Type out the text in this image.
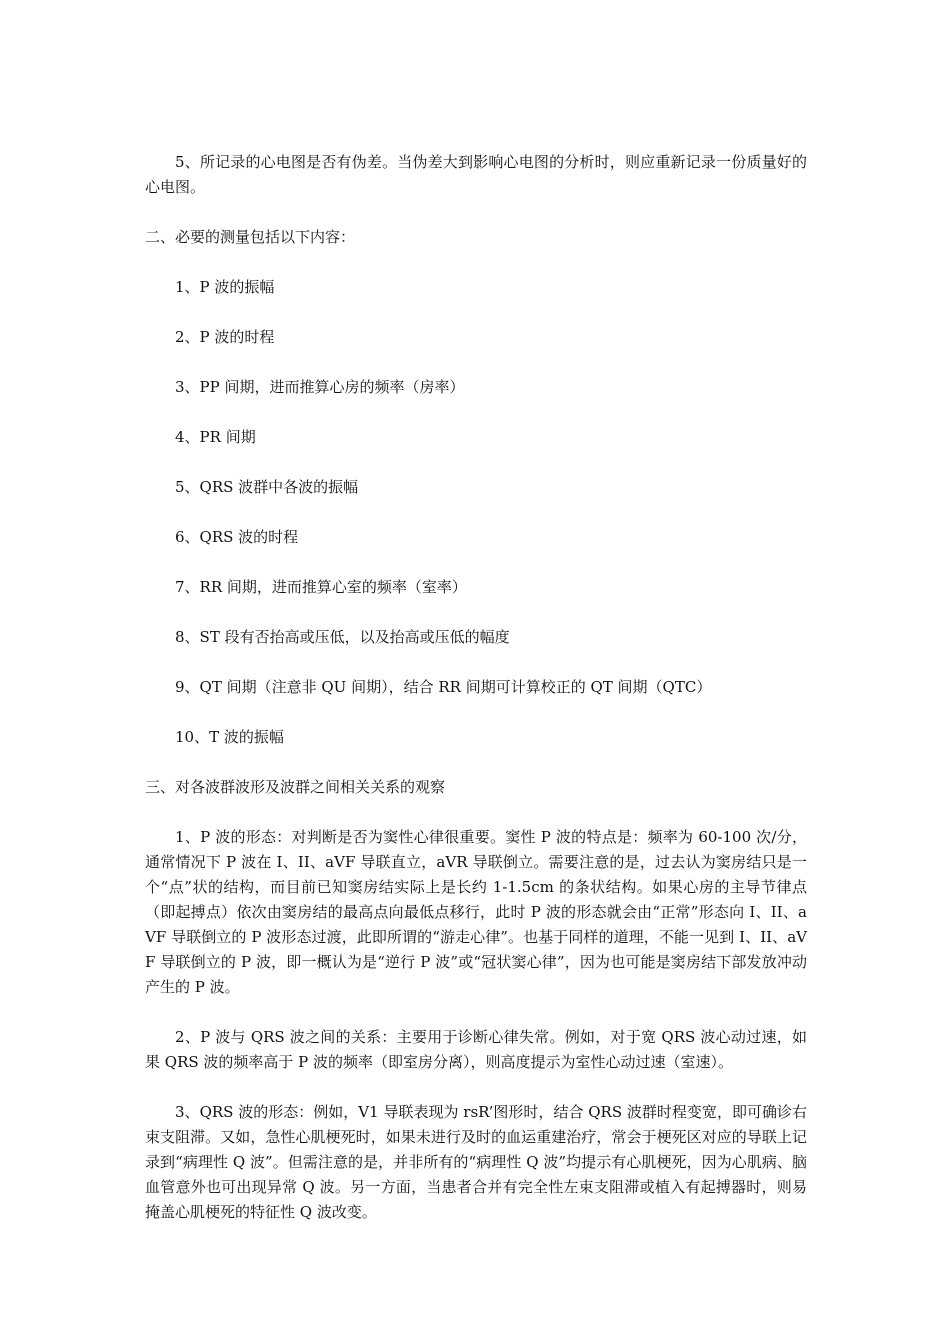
5、所记录的心电图是否有伪差。当伪差大到影响心电图的分析时，则应重新记录一份质量好的心电图。

二、必要的测量包括以下内容：

1、P 波的振幅

2、P 波的时程

3、PP 间期，进而推算心房的频率（房率）

4、PR 间期

5、QRS 波群中各波的振幅

6、QRS 波的时程

7、RR 间期，进而推算心室的频率（室率）

8、ST 段有否抬高或压低，以及抬高或压低的幅度

9、QT 间期（注意非 QU 间期），结合 RR 间期可计算校正的 QT 间期（QTC）

10、T 波的振幅

三、对各波群波形及波群之间相关关系的观察

1、P 波的形态：对判断是否为窦性心律很重要。窦性 P 波的特点是：频率为 60-100 次/分，通常情况下 P 波在 I、II、aVF 导联直立，aVR 导联倒立。需要注意的是，过去认为窦房结只是一个“点”状的结构，而目前已知窦房结实际上是长约 1-1.5cm 的条状结构。如果心房的主导节律点（即起搏点）依次由窦房结的最高点向最低点移行，此时 P 波的形态就会由“正常”形态向 I、II、aVF 导联倒立的 P 波形态过渡，此即所谓的“游走心律”。也基于同样的道理，不能一见到 I、II、aVF 导联倒立的 P 波，即一概认为是“逆行 P 波”或“冠状窦心律”，因为也可能是窦房结下部发放冲动产生的 P 波。

2、P 波与 QRS 波之间的关系：主要用于诊断心律失常。例如，对于宽 QRS 波心动过速，如果 QRS 波的频率高于 P 波的频率（即室房分离），则高度提示为室性心动过速（室速）。

3、QRS 波的形态：例如，V1 导联表现为 rsR’图形时，结合 QRS 波群时程变宽，即可确诊右束支阻滞。又如，急性心肌梗死时，如果未进行及时的血运重建治疗，常会于梗死区对应的导联上记录到“病理性 Q 波”。但需注意的是，并非所有的“病理性 Q 波”均提示有心肌梗死，因为心肌病、脑血管意外也可出现异常 Q 波。另一方面，当患者合并有完全性左束支阻滞或植入有起搏器时，则易掩盖心肌梗死的特征性 Q 波改变。
